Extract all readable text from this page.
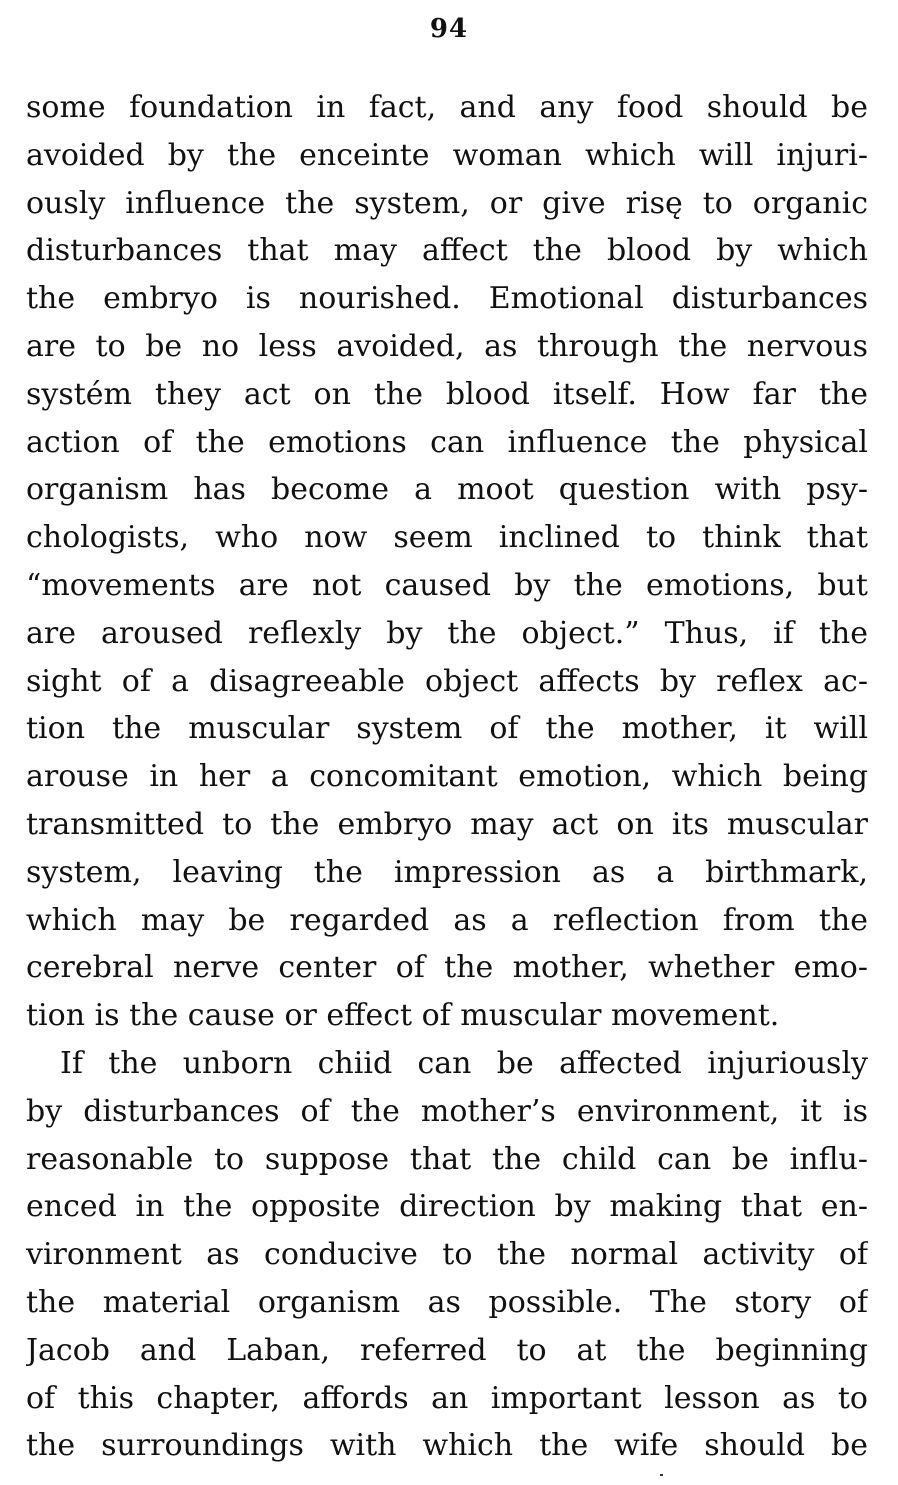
94
some foundation in fact, and any food should be
avoided by the enceinte woman which will injuri-
ously influence the system, or give risę to organic
disturbances that may affect the blood by which
the embryo is nourished. Emotional disturbances
are to be no less avoided, as through the nervous
systém they act on the blood itself. How far the
action of the emotions can influence the physical
organism has become a moot question with psy-
chologists, who now seem inclined to think that
“movements are not caused by the emotions, but
are aroused reflexly by the object.” Thus, if the
sight of a disagreeable object affects by reflex ac-
tion the muscular system of the mother, it will
arouse in her a concomitant emotion, which being
transmitted to the embryo may act on its muscular
system, leaving the impression as a birthmark,
which may be regarded as a reflection from the
cerebral nerve center of the mother, whether emo-
tion is the cause or effect of muscular movement.
If the unborn chiid can be affected injuriously
by disturbances of the mother’s environment, it is
reasonable to suppose that the child can be influ-
enced in the opposite direction by making that en-
vironment as conducive to the normal activity of
the material organism as possible. The story of
Jacob and Laban, referred to at the beginning
of this chapter, affords an important lesson as to
the surroundings with which the wife should be
